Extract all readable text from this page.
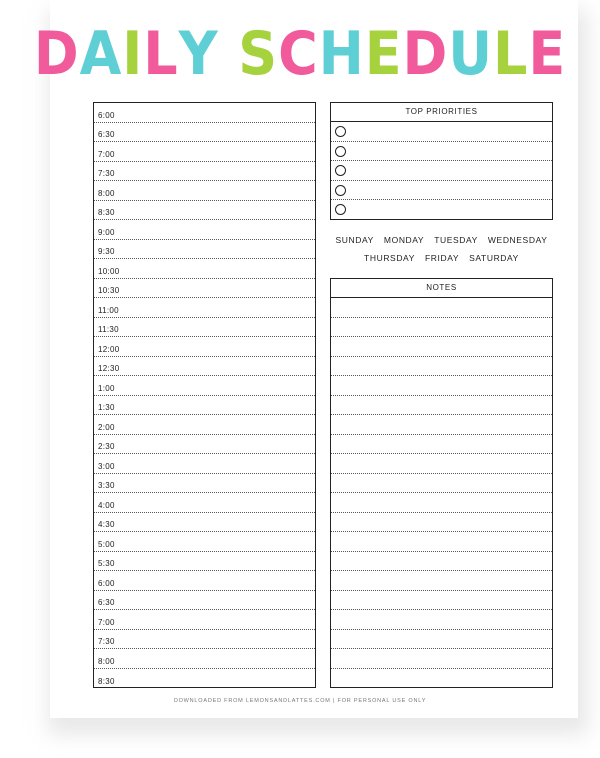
DAILY SCHEDULE
6:00
6:30
7:00
7:30
8:00
8:30
9:00
9:30
10:00
10:30
11:00
11:30
12:00
12:30
1:00
1:30
2:00
2:30
3:00
3:30
4:00
4:30
5:00
5:30
6:00
6:30
7:00
7:30
8:00
8:30
TOP PRIORITIES
SUNDAY MONDAY TUESDAY WEDNESDAY
THURSDAY FRIDAY SATURDAY
NOTES
DOWNLOADED FROM LEMONSANDLATTES.COM | FOR PERSONAL USE ONLY
